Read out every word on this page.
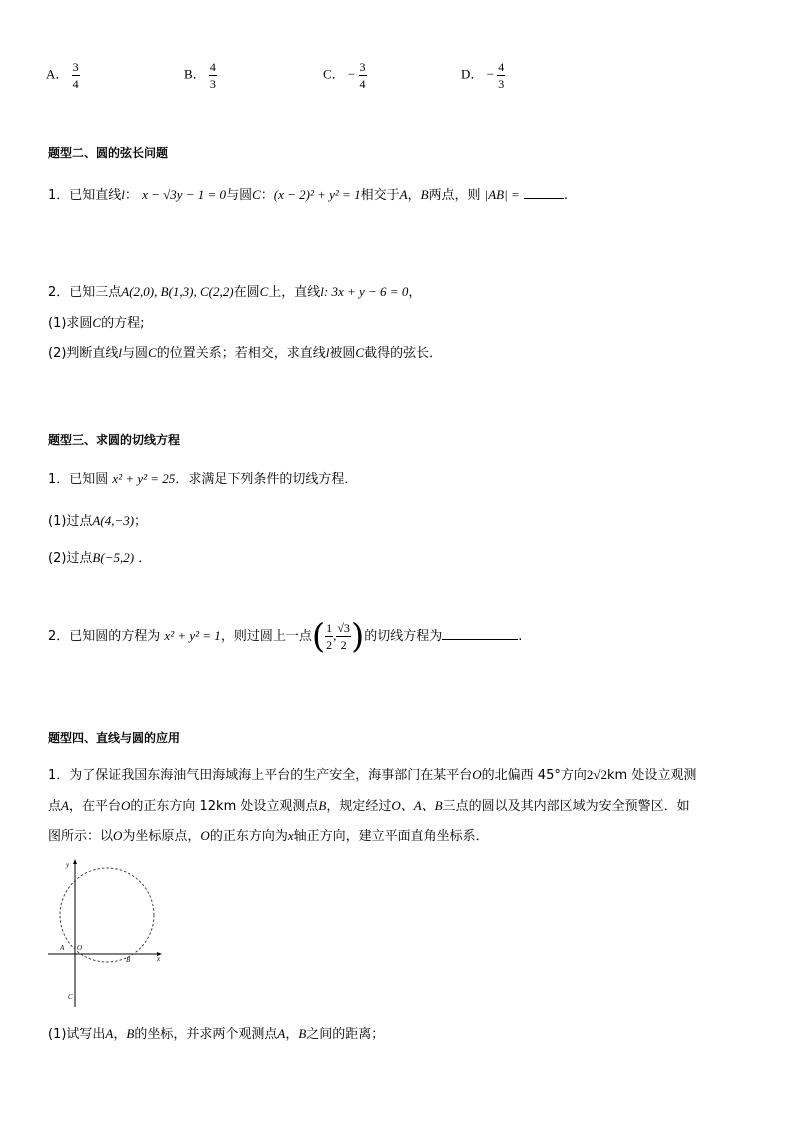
A． $\frac{3}{4}$	B． $\frac{4}{3}$	C． − $\frac{3}{4}$	D． − $\frac{4}{3}$
题型二、圆的弦长问题
1．已知直线l： x − √3y − 1 = 0与圆C：(x − 2)² + y² = 1相交于A，B两点，则 |AB| =	.
2．已知三点A(2,0), B(1,3), C(2,2)在圆C上，直线l: 3x + y − 6 = 0，
(1)求圆C的方程;
(2)判断直线l与圆C的位置关系；若相交，求直线l被圆C截得的弦长．
题型三、求圆的切线方程
1．已知圆 x² + y² = 25．求满足下列条件的切线方程．
(1)过点A(4,−3)；
(2)过点B(−5,2) ．
2．已知圆的方程为 x² + y² = 1，则过圆上一点( $\frac{1}{2}$ , $\frac{√3}{2}$ )的切线方程为	.
题型四、直线与圆的应用
1．为了保证我国东海油气田海域海上平台的生产安全，海事部门在某平台O的北偏西 45°方向2√2km 处设立观测
点A，在平台O的正东方向 12km 处设立观测点B，规定经过O、A、B三点的圆以及其内部区域为安全预警区．如
图所示：以O为坐标原点，O的正东方向为x轴正方向，建立平面直角坐标系．
y
x
A O
B
C
(1)试写出A，B的坐标，并求两个观测点A，B之间的距离；
